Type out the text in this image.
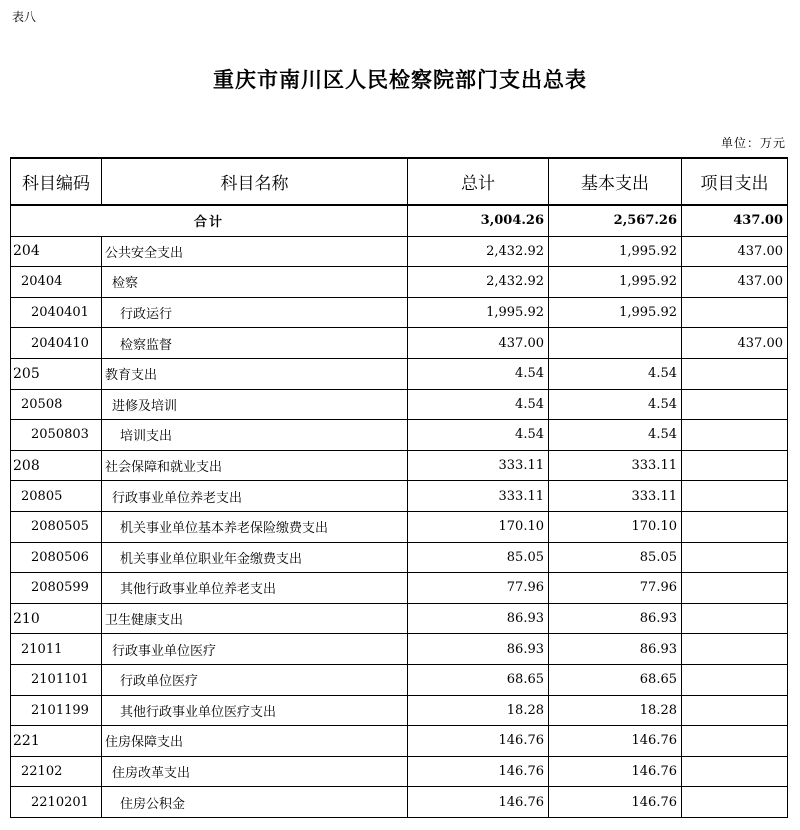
表八
重庆市南川区人民检察院部门支出总表
单位：万元
科目编码	科目名称	总计	基本支出	项目支出
合计		3,004.26	2,567.26	437.00
204	公共安全支出	2,432.92	1,995.92	437.00
20404	检察	2,432.92	1,995.92	437.00
2040401	行政运行	1,995.92	1,995.92	
2040410	检察监督	437.00		437.00
205	教育支出	4.54	4.54	
20508	进修及培训	4.54	4.54	
2050803	培训支出	4.54	4.54	
208	社会保障和就业支出	333.11	333.11	
20805	行政事业单位养老支出	333.11	333.11	
2080505	机关事业单位基本养老保险缴费支出	170.10	170.10	
2080506	机关事业单位职业年金缴费支出	85.05	85.05	
2080599	其他行政事业单位养老支出	77.96	77.96	
210	卫生健康支出	86.93	86.93	
21011	行政事业单位医疗	86.93	86.93	
2101101	行政单位医疗	68.65	68.65	
2101199	其他行政事业单位医疗支出	18.28	18.28	
221	住房保障支出	146.76	146.76	
22102	住房改革支出	146.76	146.76	
2210201	住房公积金	146.76	146.76	
